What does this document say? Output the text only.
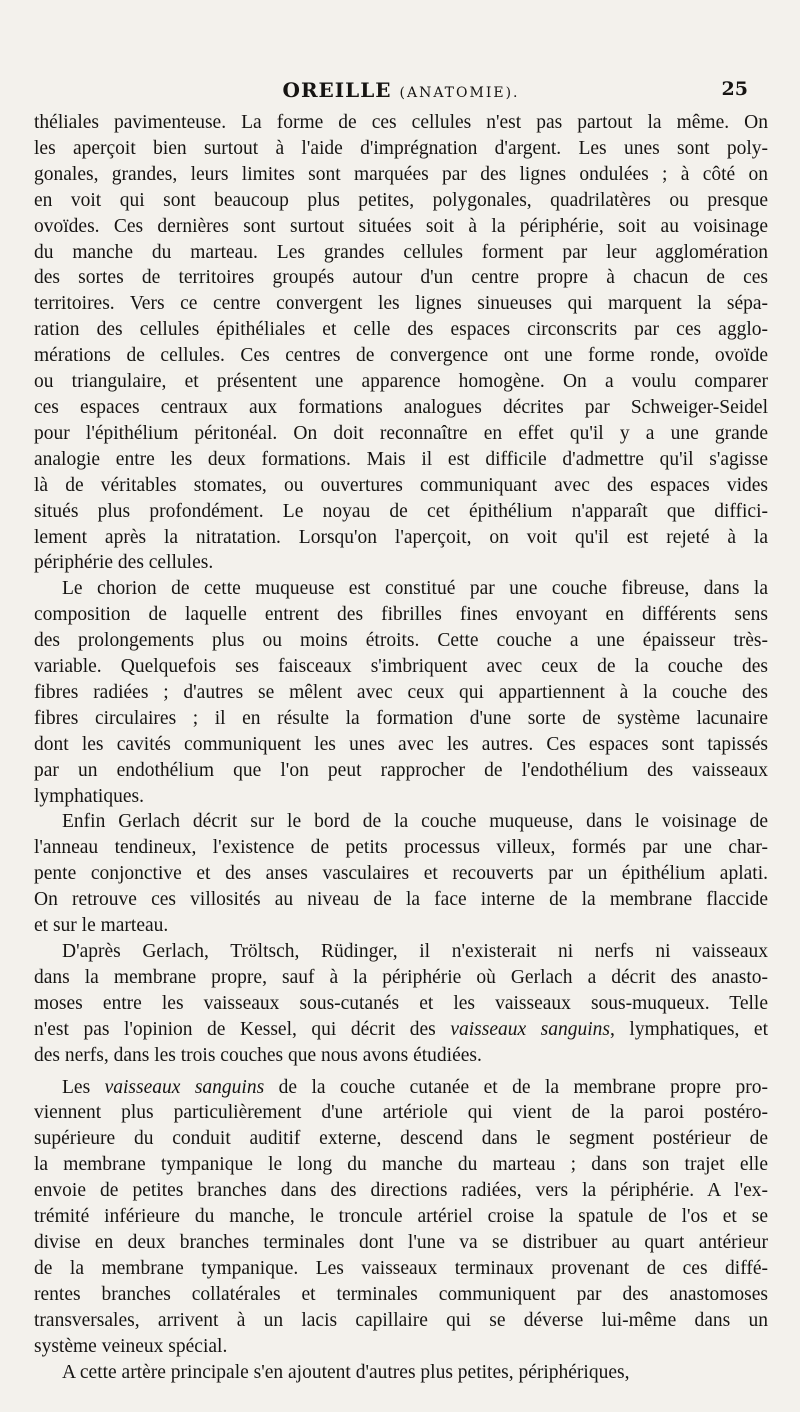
OREILLE (ANATOMIE).	25

théliales pavimenteuse. La forme de ces cellules n'est pas partout la même. On
les aperçoit bien surtout à l'aide d'imprégnation d'argent. Les unes sont poly-
gonales, grandes, leurs limites sont marquées par des lignes ondulées ; à côté on
en voit qui sont beaucoup plus petites, polygonales, quadrilatères ou presque
ovoïdes. Ces dernières sont surtout situées soit à la périphérie, soit au voisinage
du manche du marteau. Les grandes cellules forment par leur agglomération
des sortes de territoires groupés autour d'un centre propre à chacun de ces
territoires. Vers ce centre convergent les lignes sinueuses qui marquent la sépa-
ration des cellules épithéliales et celle des espaces circonscrits par ces agglo-
mérations de cellules. Ces centres de convergence ont une forme ronde, ovoïde
ou triangulaire, et présentent une apparence homogène. On a voulu comparer
ces espaces centraux aux formations analogues décrites par Schweiger-Seidel
pour l'épithélium péritonéal. On doit reconnaître en effet qu'il y a une grande
analogie entre les deux formations. Mais il est difficile d'admettre qu'il s'agisse
là de véritables stomates, ou ouvertures communiquant avec des espaces vides
situés plus profondément. Le noyau de cet épithélium n'apparaît que diffici-
lement après la nitratation. Lorsqu'on l'aperçoit, on voit qu'il est rejeté à la
périphérie des cellules.

Le chorion de cette muqueuse est constitué par une couche fibreuse, dans la
composition de laquelle entrent des fibrilles fines envoyant en différents sens
des prolongements plus ou moins étroits. Cette couche a une épaisseur très-
variable. Quelquefois ses faisceaux s'imbriquent avec ceux de la couche des
fibres radiées ; d'autres se mêlent avec ceux qui appartiennent à la couche des
fibres circulaires ; il en résulte la formation d'une sorte de système lacunaire
dont les cavités communiquent les unes avec les autres. Ces espaces sont tapissés
par un endothélium que l'on peut rapprocher de l'endothélium des vaisseaux
lymphatiques.

Enfin Gerlach décrit sur le bord de la couche muqueuse, dans le voisinage de
l'anneau tendineux, l'existence de petits processus villeux, formés par une char-
pente conjonctive et des anses vasculaires et recouverts par un épithélium aplati.
On retrouve ces villosités au niveau de la face interne de la membrane flaccide
et sur le marteau.

D'après Gerlach, Tröltsch, Rüdinger, il n'existerait ni nerfs ni vaisseaux
dans la membrane propre, sauf à la périphérie où Gerlach a décrit des anasto-
moses entre les vaisseaux sous-cutanés et les vaisseaux sous-muqueux. Telle
n'est pas l'opinion de Kessel, qui décrit des vaisseaux sanguins, lymphatiques, et
des nerfs, dans les trois couches que nous avons étudiées.

Les vaisseaux sanguins de la couche cutanée et de la membrane propre pro-
viennent plus particulièrement d'une artériole qui vient de la paroi postéro-
supérieure du conduit auditif externe, descend dans le segment postérieur de
la membrane tympanique le long du manche du marteau ; dans son trajet elle
envoie de petites branches dans des directions radiées, vers la périphérie. A l'ex-
trémité inférieure du manche, le troncule artériel croise la spatule de l'os et se
divise en deux branches terminales dont l'une va se distribuer au quart antérieur
de la membrane tympanique. Les vaisseaux terminaux provenant de ces diffé-
rentes branches collatérales et terminales communiquent par des anastomoses
transversales, arrivent à un lacis capillaire qui se déverse lui-même dans un
système veineux spécial.

A cette artère principale s'en ajoutent d'autres plus petites, périphériques,
